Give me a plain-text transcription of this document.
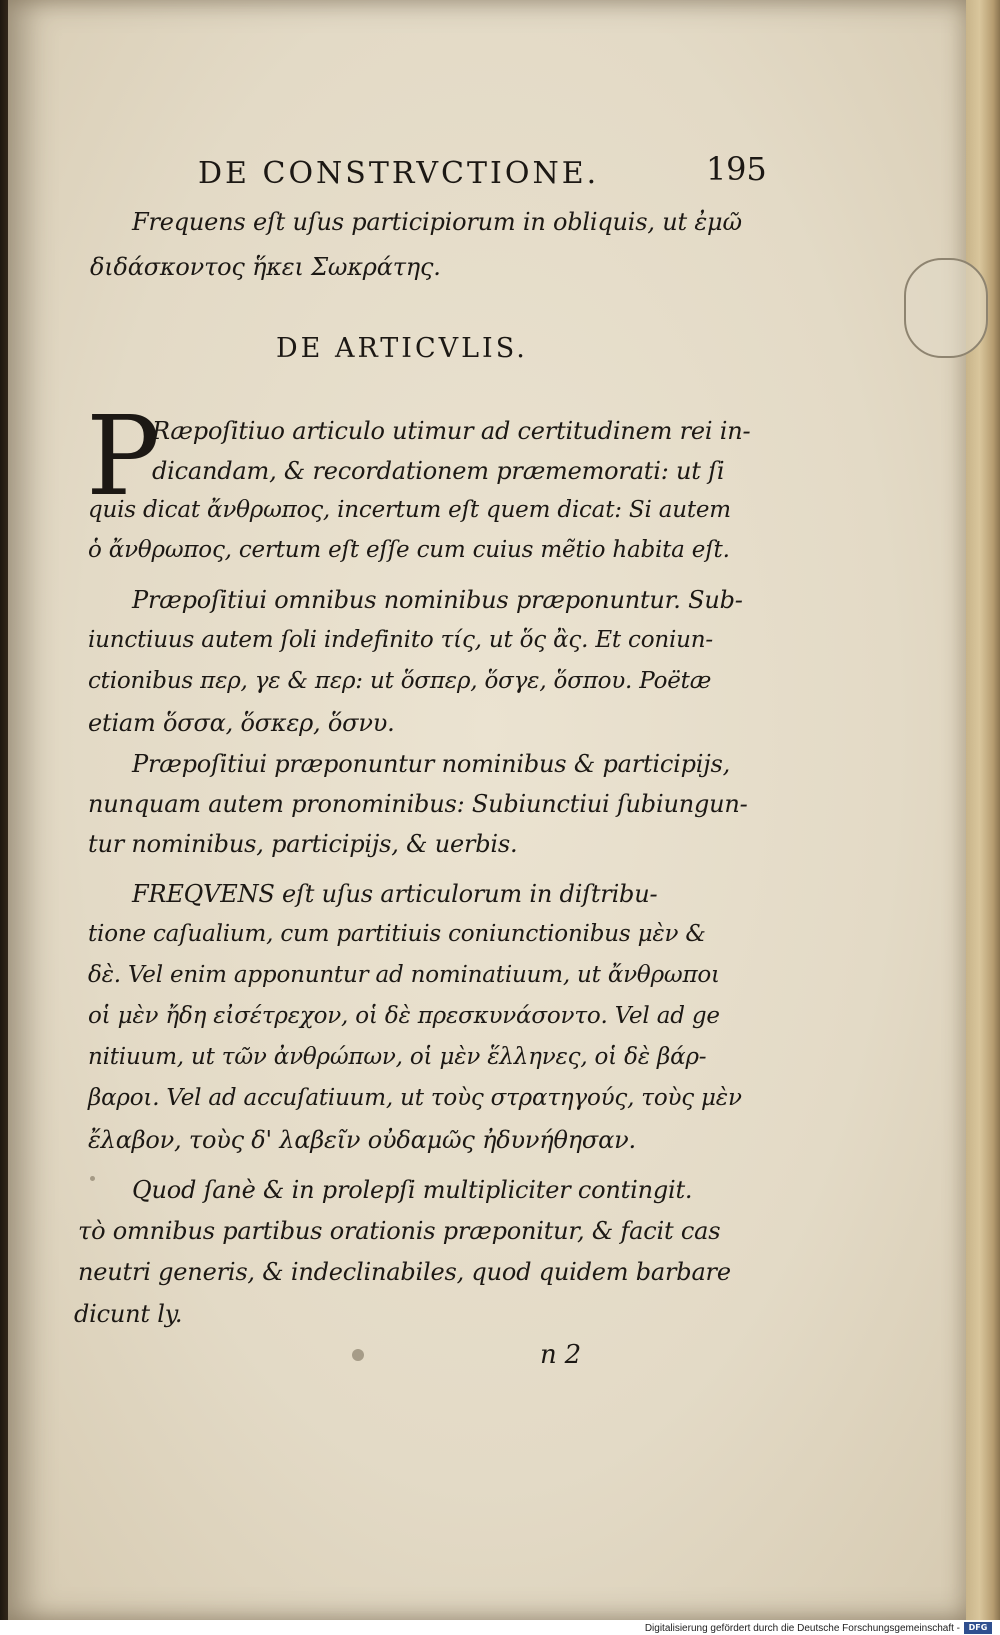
DE CONSTRVCTIONE.	195
Frequens eſt uſus participiorum in obliquis, ut ἐμῶ
διδάσκοντος ἥκει Σωκράτης.
DE ARTICVLIS.
P
Ræpoſitiuo articulo utimur ad certitudinem rei in-
dicandam, & recordationem præmemorati: ut ſi
quis dicat ἄνθρωπος, incertum eſt quem dicat: Si autem
ὁ ἄνθρωπος, certum eſt eſſe cum cuius mẽtio habita eſt.
Præpoſitiui omnibus nominibus præponuntur. Sub-
iunctiuus autem ſoli indefinito τίς, ut ὅς ἂς. Et coniun-
ctionibus περ, γε & περ: ut ὅσπερ, ὅσγε, ὅσπου. Poëtæ
etiam ὅσσα, ὅσκερ, ὅσνυ.
Præpoſitiui præponuntur nominibus & participijs,
nunquam autem pronominibus: Subiunctiui ſubiungun-
tur nominibus, participijs, & uerbis.
FREQVENS eſt uſus articulorum in diſtribu-
tione caſualium, cum partitiuis coniunctionibus μὲν &
δὲ. Vel enim apponuntur ad nominatiuum, ut ἄνθρωποι
οἱ μὲν ἤδη εἰσέτρεχον, οἱ δὲ πρεσκυνάσοντο. Vel ad ge
nitiuum, ut τῶν ἀνθρώπων, οἱ μὲν ἕλληνες, οἱ δὲ βάρ-
βαροι. Vel ad accuſatiuum, ut τοὺς στρατηγούς, τοὺς μὲν
ἔλαβον, τοὺς δ' λαβεῖν οὐδαμῶς ἠδυνήθησαν.
Quod ſanè & in prolepſi multipliciter contingit.
τὸ omnibus partibus orationis præponitur, & facit cas
neutri generis, & indeclinabiles, quod quidem barbare
dicunt ly.
n 2
Digitalisierung gefördert durch die Deutsche Forschungsgemeinschaft -	DFG
